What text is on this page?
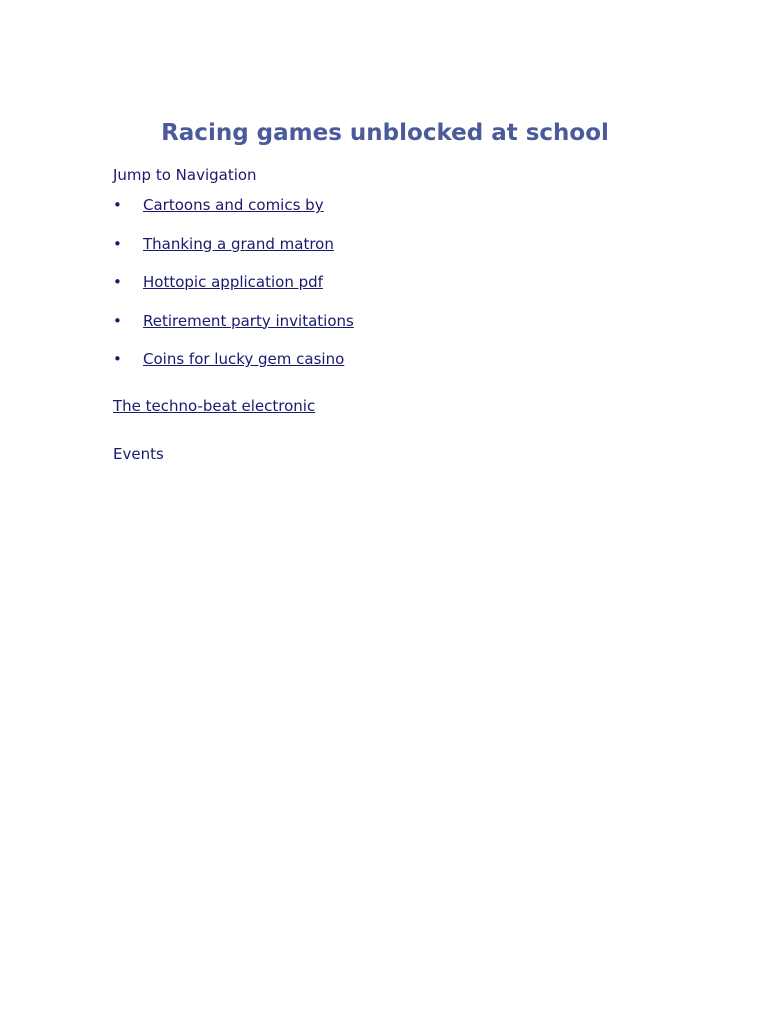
Racing games unblocked at school

Jump to Navigation

•	Cartoons and comics by
•	Thanking a grand matron
•	Hottopic application pdf
•	Retirement party invitations
•	Coins for lucky gem casino

The techno-beat electronic

Events
